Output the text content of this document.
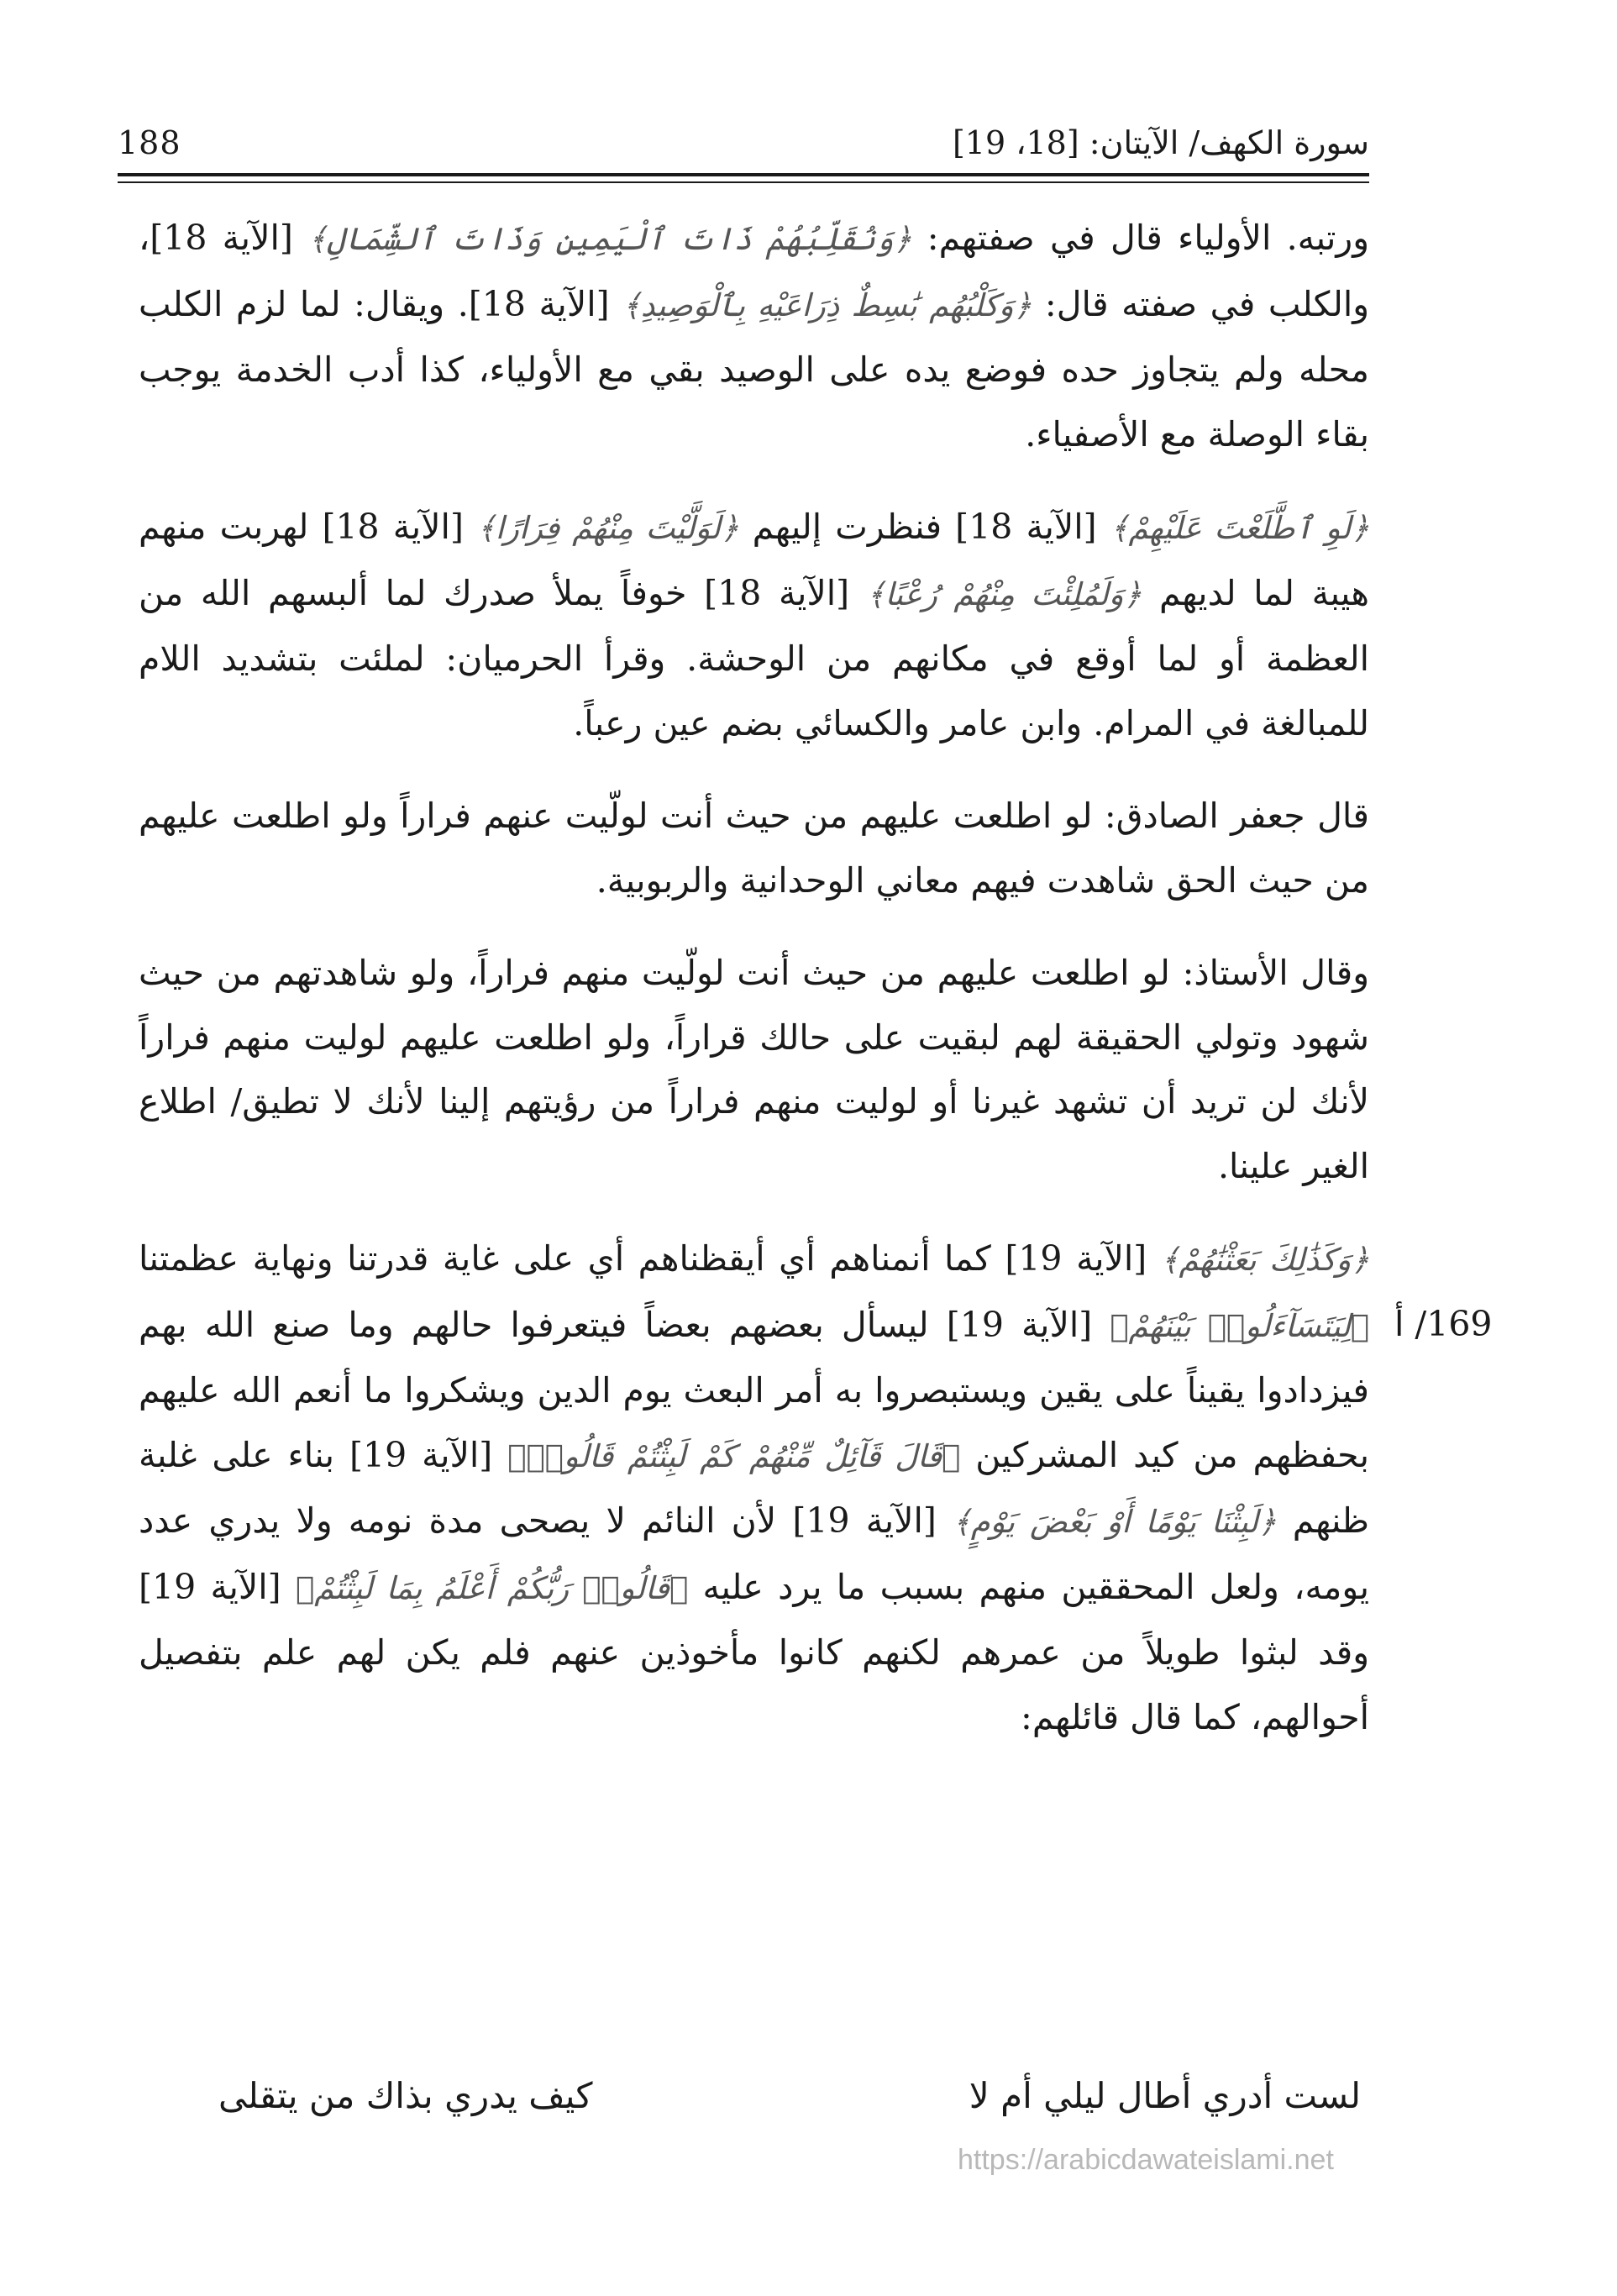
188	سورة الكهف/ الآيتان: [18، 19]

ورتبه. الأولياء قال في صفتهم: ﴿وَنُقَلِّبُهُمْ ذَاتَ ٱلْيَمِينِ وَذَاتَ ٱلشِّمَالِ﴾ [الآية 18]، والكلب في صفته قال: ﴿وَكَلْبُهُم بَٰسِطٌ ذِرَاعَيْهِ بِٱلْوَصِيدِ﴾ [الآية 18]. ويقال: لما لزم الكلب محله ولم يتجاوز حده فوضع يده على الوصيد بقي مع الأولياء، كذا أدب الخدمة يوجب بقاء الوصلة مع الأصفياء.

﴿لَوِ ٱطَّلَعْتَ عَلَيْهِمْ﴾ [الآية 18] فنظرت إليهم ﴿لَوَلَّيْتَ مِنْهُمْ فِرَارًا﴾ [الآية 18] لهربت منهم هيبة لما لديهم ﴿وَلَمُلِئْتَ مِنْهُمْ رُعْبًا﴾ [الآية 18] خوفاً يملأ صدرك لما ألبسهم الله من العظمة أو لما أوقع في مكانهم من الوحشة. وقرأ الحرميان: لملئت بتشديد اللام للمبالغة في المرام. وابن عامر والكسائي بضم عين رعباً.

قال جعفر الصادق: لو اطلعت عليهم من حيث أنت لولّيت عنهم فراراً ولو اطلعت عليهم من حيث الحق شاهدت فيهم معاني الوحدانية والربوبية.

وقال الأستاذ: لو اطلعت عليهم من حيث أنت لولّيت منهم فراراً، ولو شاهدتهم من حيث شهود وتولي الحقيقة لهم لبقيت على حالك قراراً، ولو اطلعت عليهم لوليت منهم فراراً لأنك لن تريد أن تشهد غيرنا أو لوليت منهم فراراً من رؤيتهم إلينا لأنك لا تطيق/ اطلاع الغير علينا.

﴿وَكَذَٰلِكَ بَعَثْنَٰهُمْ﴾ [الآية 19] كما أنمناهم أي أيقظناهم أي على غاية قدرتنا ونهاية عظمتنا ﴿لِيَتَسَآءَلُوا۟ بَيْنَهُمْ﴾ [الآية 19] ليسأل بعضهم بعضاً فيتعرفوا حالهم وما صنع الله بهم فيزدادوا يقيناً على يقين ويستبصروا به أمر البعث يوم الدين ويشكروا ما أنعم الله عليهم بحفظهم من كيد المشركين ﴿قَالَ قَآئِلٌ مِّنْهُمْ كَمْ لَبِثْتُمْ قَالُوا۟﴾ [الآية 19] بناء على غلبة ظنهم ﴿لَبِثْنَا يَوْمًا أَوْ بَعْضَ يَوْمٍ﴾ [الآية 19] لأن النائم لا يصحى مدة نومه ولا يدري عدد يومه، ولعل المحققين منهم بسبب ما يرد عليه ﴿قَالُوا۟ رَبُّكُمْ أَعْلَمُ بِمَا لَبِثْتُمْ﴾ [الآية 19] وقد لبثوا طويلاً من عمرهم لكنهم كانوا مأخوذين عنهم فلم يكن لهم علم بتفصيل أحوالهم، كما قال قائلهم:

169/ أ
لست أدري أطال ليلي أم لا
كيف يدري بذاك من يتقلى
https://arabicdawateislami.net
